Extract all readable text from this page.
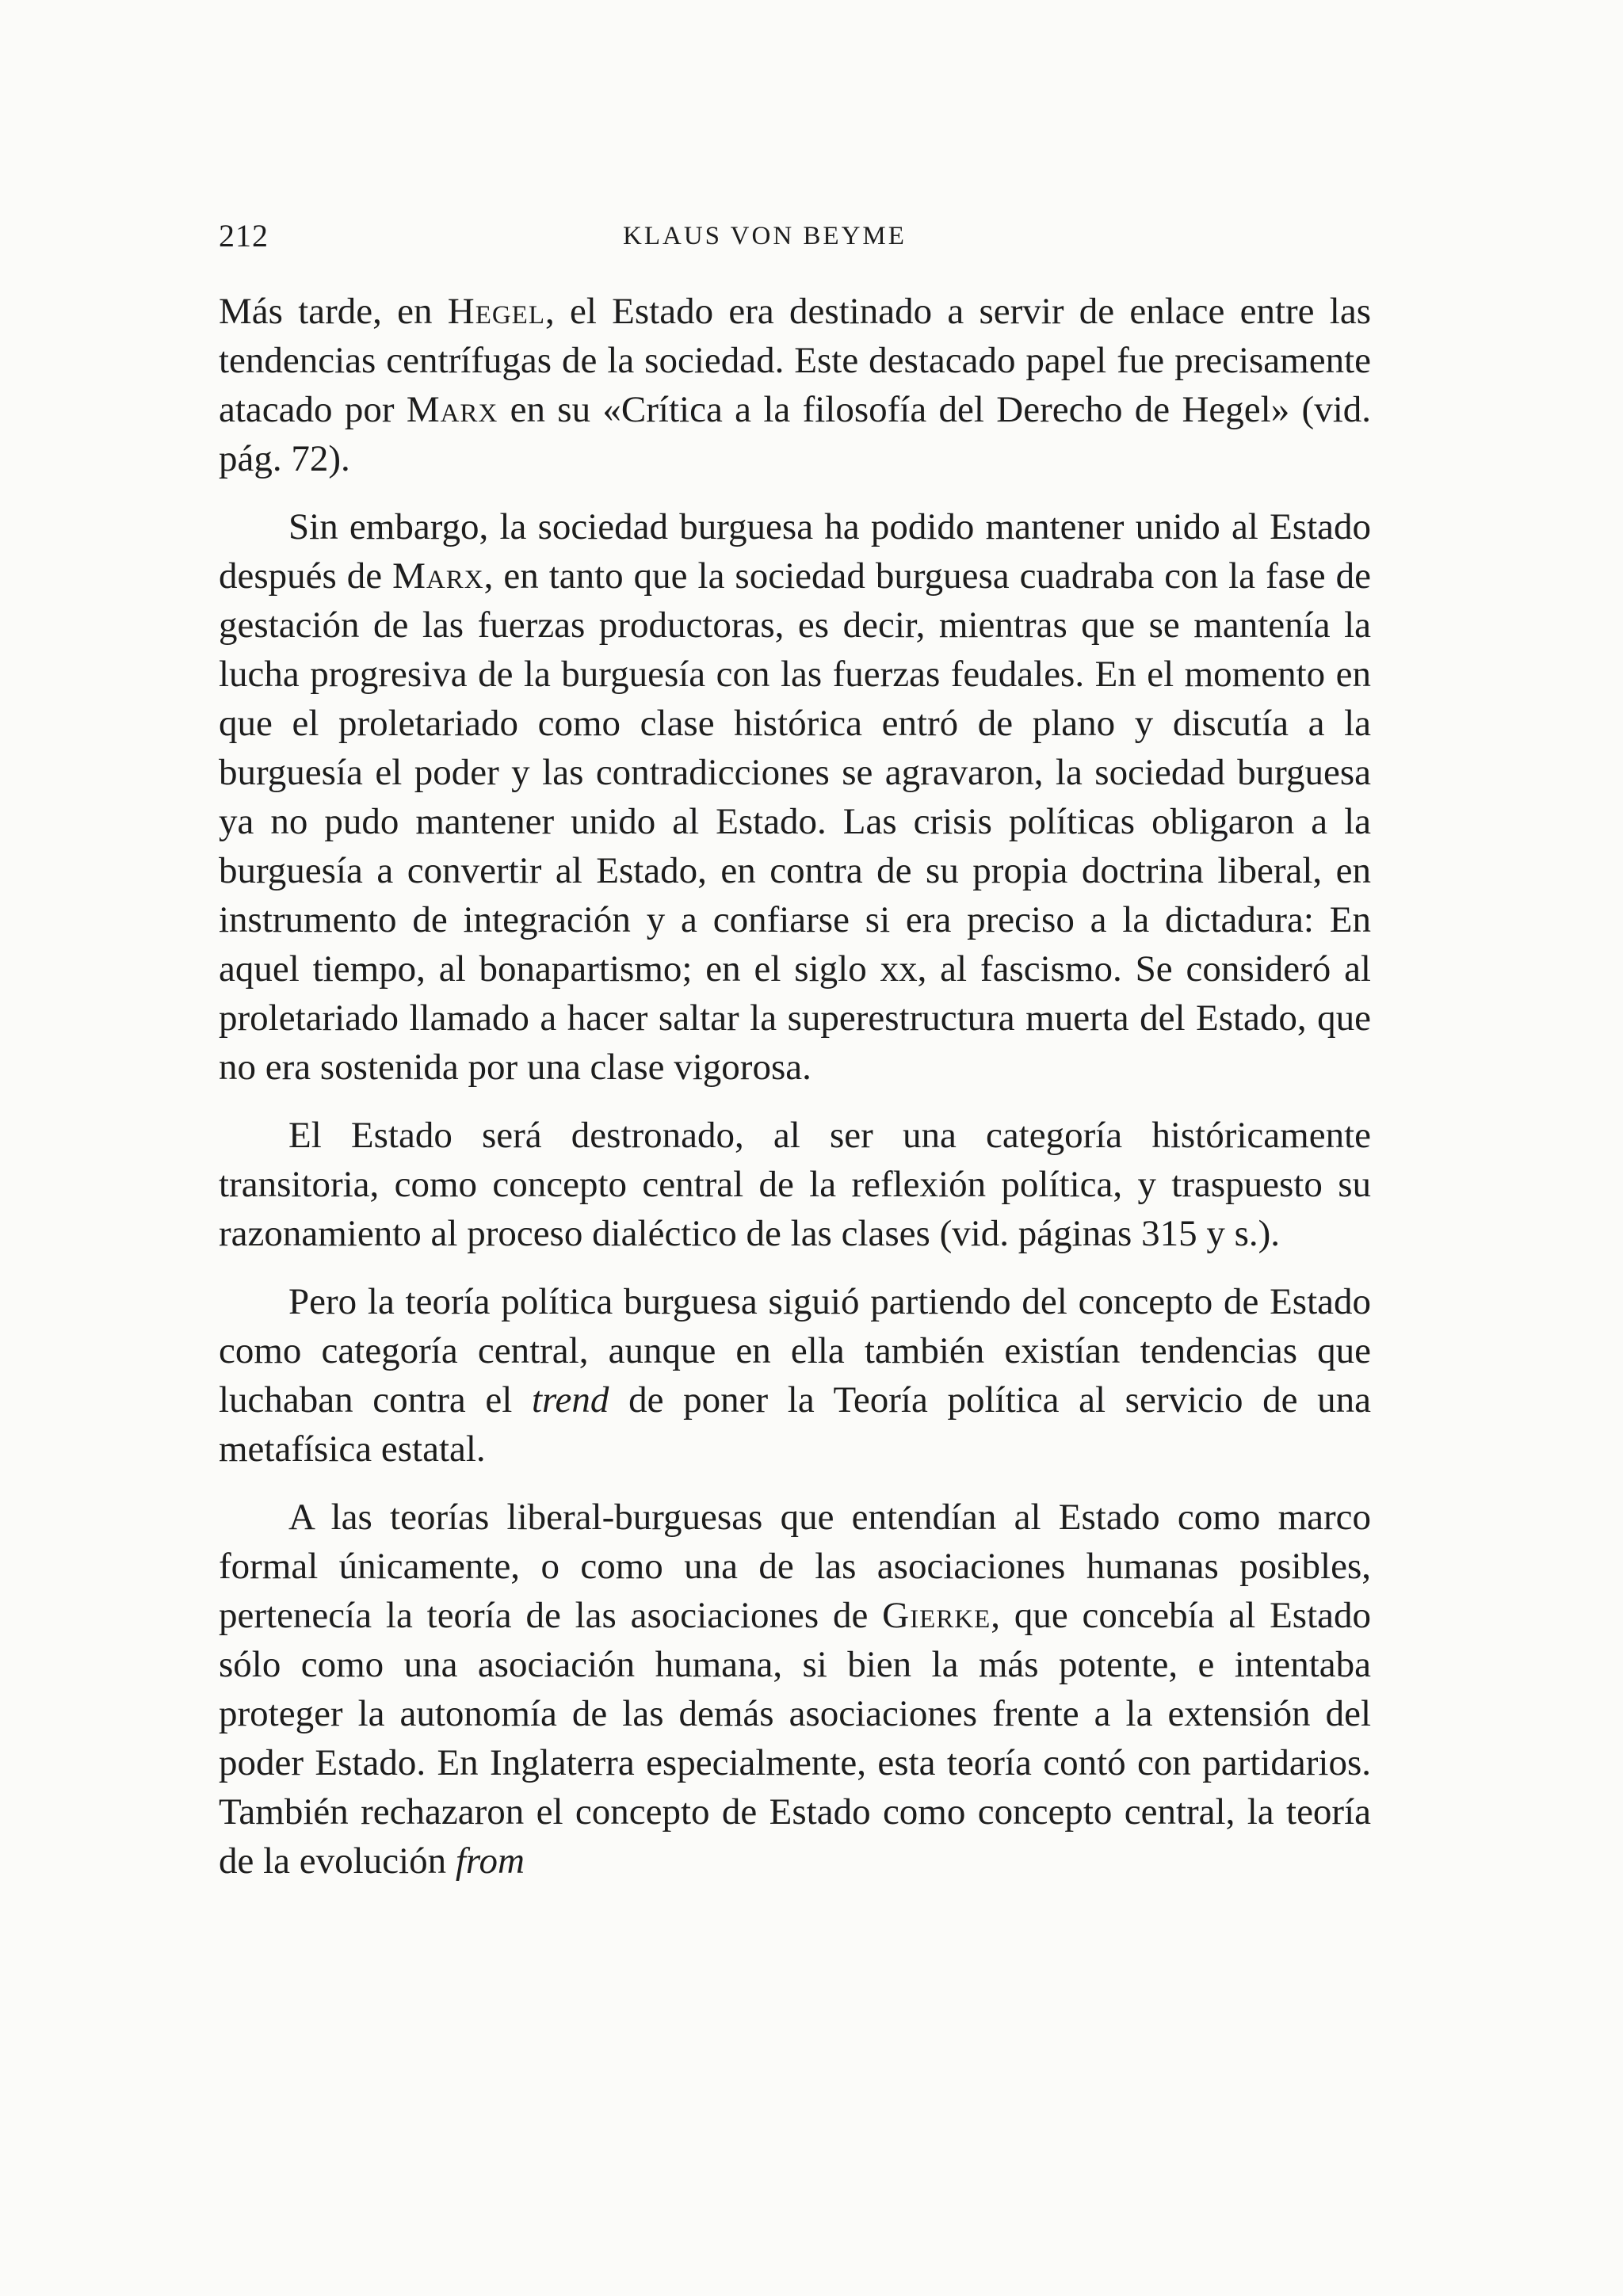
212	KLAUS VON BEYME

Más tarde, en Hegel, el Estado era destinado a servir de enlace entre las tendencias centrífugas de la sociedad. Este destacado papel fue precisamente atacado por Marx en su «Crítica a la filosofía del Derecho de Hegel» (vid. pág. 72).

Sin embargo, la sociedad burguesa ha podido mantener unido al Estado después de Marx, en tanto que la sociedad burguesa cuadraba con la fase de gestación de las fuerzas productoras, es decir, mientras que se mantenía la lucha progresiva de la burguesía con las fuerzas feudales. En el momento en que el proletariado como clase histórica entró de plano y discutía a la burguesía el poder y las contradicciones se agravaron, la sociedad burguesa ya no pudo mantener unido al Estado. Las crisis políticas obligaron a la burguesía a convertir al Estado, en contra de su propia doctrina liberal, en instrumento de integración y a confiarse si era preciso a la dictadura: En aquel tiempo, al bonapartismo; en el siglo xx, al fascismo. Se consideró al proletariado llamado a hacer saltar la superestructura muerta del Estado, que no era sostenida por una clase vigorosa.

El Estado será destronado, al ser una categoría históricamente transitoria, como concepto central de la reflexión política, y traspuesto su razonamiento al proceso dialéctico de las clases (vid. páginas 315 y s.).

Pero la teoría política burguesa siguió partiendo del concepto de Estado como categoría central, aunque en ella también existían tendencias que luchaban contra el trend de poner la Teoría política al servicio de una metafísica estatal.

A las teorías liberal-burguesas que entendían al Estado como marco formal únicamente, o como una de las asociaciones humanas posibles, pertenecía la teoría de las asociaciones de Gierke, que concebía al Estado sólo como una asociación humana, si bien la más potente, e intentaba proteger la autonomía de las demás asociaciones frente a la extensión del poder Estado. En Inglaterra especialmente, esta teoría contó con partidarios. También rechazaron el concepto de Estado como concepto central, la teoría de la evolución from
